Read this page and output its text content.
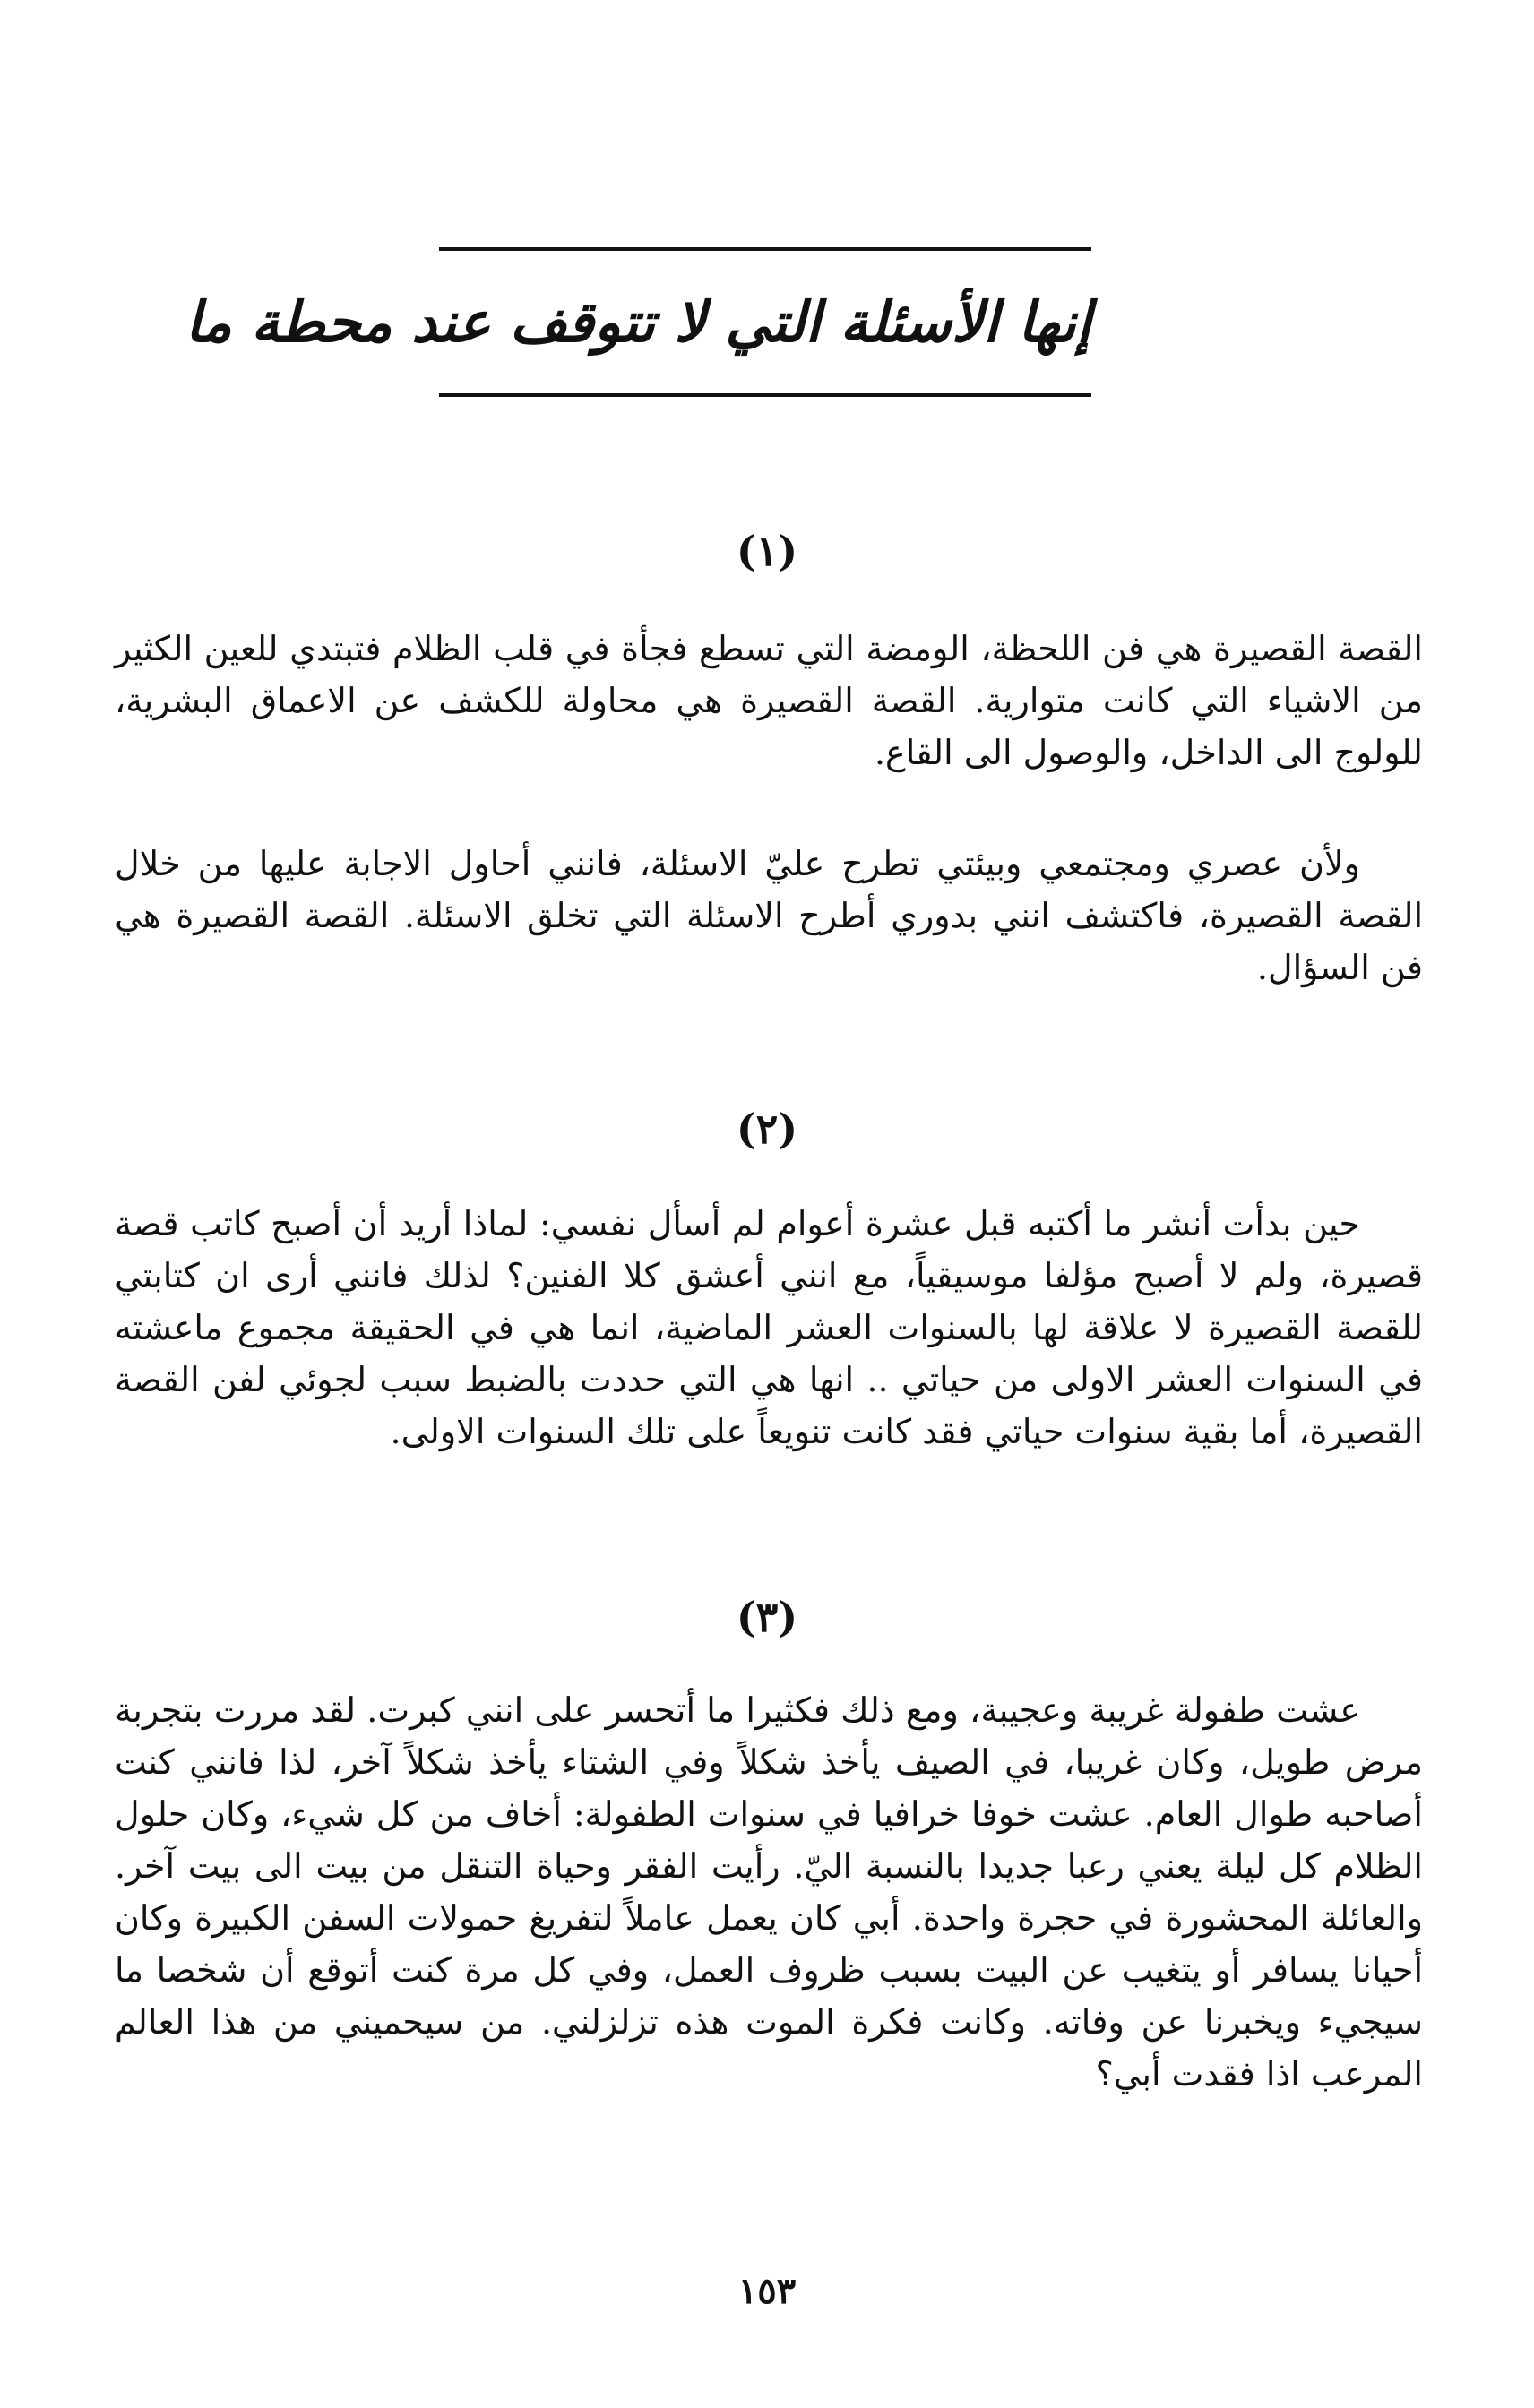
إنها الأسئلة التي لا تتوقف عند محطة ما
(١)

القصة القصيرة هي فن اللحظة، الومضة التي تسطع فجأة في قلب الظلام فتبتدي للعين الكثير من الاشياء التي كانت متوارية. القصة القصيرة هي محاولة للكشف عن الاعماق البشرية، للولوج الى الداخل، والوصول الى القاع.

ولأن عصري ومجتمعي وبيئتي تطرح عليّ الاسئلة، فانني أحاول الاجابة عليها من خلال القصة القصيرة، فاكتشف انني بدوري أطرح الاسئلة التي تخلق الاسئلة. القصة القصيرة هي فن السؤال.

(٢)

حين بدأت أنشر ما أكتبه قبل عشرة أعوام لم أسأل نفسي: لماذا أريد أن أصبح كاتب قصة قصيرة، ولم لا أصبح مؤلفا موسيقياً، مع انني أعشق كلا الفنين؟ لذلك فانني أرى ان كتابتي للقصة القصيرة لا علاقة لها بالسنوات العشر الماضية، انما هي في الحقيقة مجموع ماعشته في السنوات العشر الاولى من حياتي .. انها هي التي حددت بالضبط سبب لجوئي لفن القصة القصيرة، أما بقية سنوات حياتي فقد كانت تنويعاً على تلك السنوات الاولى.

(٣)

عشت طفولة غريبة وعجيبة، ومع ذلك فكثيرا ما أتحسر على انني كبرت. لقد مررت بتجربة مرض طويل، وكان غريبا، في الصيف يأخذ شكلاً وفي الشتاء يأخذ شكلاً آخر، لذا فانني كنت أصاحبه طوال العام. عشت خوفا خرافيا في سنوات الطفولة: أخاف من كل شيء، وكان حلول الظلام كل ليلة يعني رعبا جديدا بالنسبة اليّ. رأيت الفقر وحياة التنقل من بيت الى بيت آخر. والعائلة المحشورة في حجرة واحدة. أبي كان يعمل عاملاً لتفريغ حمولات السفن الكبيرة وكان أحيانا يسافر أو يتغيب عن البيت بسبب ظروف العمل، وفي كل مرة كنت أتوقع أن شخصا ما سيجيء ويخبرنا عن وفاته. وكانت فكرة الموت هذه تزلزلني. من سيحميني من هذا العالم المرعب اذا فقدت أبي؟

١٥٣
